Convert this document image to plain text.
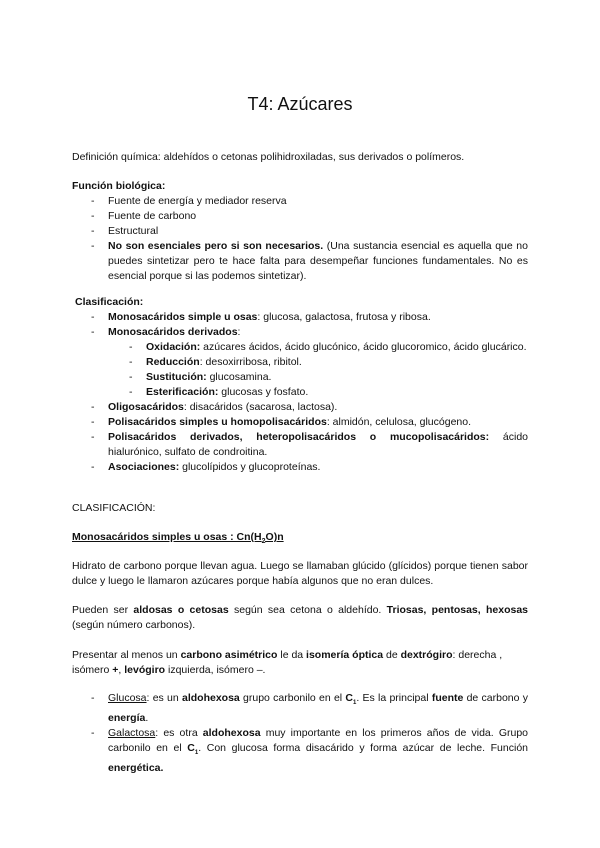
T4: Azúcares

Definición química: aldehídos o cetonas polihidroxiladas, sus derivados o polímeros.

Función biológica:

- Fuente de energía y mediador reserva
- Fuente de carbono
- Estructural
- No son esenciales pero si son necesarios. (Una sustancia esencial es aquella que no puedes sintetizar pero te hace falta para desempeñar funciones fundamentales. No es esencial porque si las podemos sintetizar).

Clasificación:

- Monosacáridos simple u osas: glucosa, galactosa, frutosa y ribosa.
- Monosacáridos derivados:
- Oxidación: azúcares ácidos, ácido glucónico, ácido glucoromico, ácido glucárico.
- Reducción: desoxirribosa, ribitol.
- Sustitución: glucosamina.
- Esterificación: glucosas y fosfato.
- Oligosacáridos: disacáridos (sacarosa, lactosa).
- Polisacáridos simples u homopolisacáridos: almidón, celulosa, glucógeno.
- Polisacáridos derivados, heteropolisacáridos o mucopolisacáridos: ácido hialurónico, sulfato de condroitina.
- Asociaciones: glucolípidos y glucoproteínas.

CLASIFICACIÓN:

Monosacáridos simples u osas : $Cn(H_2O)n$

Hidrato de carbono porque llevan agua. Luego se llamaban glúcido (glícidos) porque tienen sabor dulce y luego le llamaron azúcares porque había algunos que no eran dulces.

Pueden ser aldosas o cetosas según sea cetona o aldehído. Triosas, pentosas, hexosas (según número carbonos).

Presentar al menos un carbono asimétrico le da isomería óptica de dextrógiro: derecha , isómero +, levógiro izquierda, isómero –.

- Glucosa: es un aldohexosa grupo carbonilo en el $C_1$. Es la principal fuente de carbono y energía.
- Galactosa: es otra aldohexosa muy importante en los primeros años de vida. Grupo carbonilo en el $C_1$. Con glucosa forma disacárido y forma azúcar de leche. Función energética.
